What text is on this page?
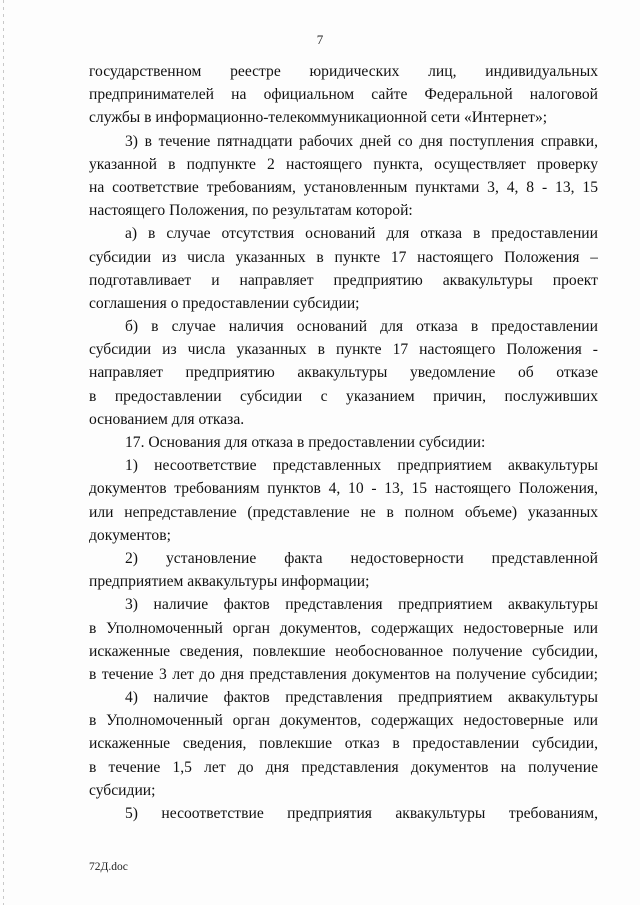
7
государственном реестре юридических лиц, индивидуальных
предпринимателей на официальном сайте Федеральной налоговой
службы в информационно-телекоммуникационной сети «Интернет»;
3) в течение пятнадцати рабочих дней со дня поступления справки,
указанной в подпункте 2 настоящего пункта, осуществляет проверку
на соответствие требованиям, установленным пунктами 3, 4, 8 - 13, 15
настоящего Положения, по результатам которой:
а) в случае отсутствия оснований для отказа в предоставлении
субсидии из числа указанных в пункте 17 настоящего Положения –
подготавливает и направляет предприятию аквакультуры проект
соглашения о предоставлении субсидии;
б) в случае наличия оснований для отказа в предоставлении
субсидии из числа указанных в пункте 17 настоящего Положения -
направляет предприятию аквакультуры уведомление об отказе
в предоставлении субсидии с указанием причин, послуживших
основанием для отказа.
17. Основания для отказа в предоставлении субсидии:
1) несоответствие представленных предприятием аквакультуры
документов требованиям пунктов 4, 10 - 13, 15 настоящего Положения,
или непредставление (представление не в полном объеме) указанных
документов;
2) установление факта недостоверности представленной
предприятием аквакультуры информации;
3) наличие фактов представления предприятием аквакультуры
в Уполномоченный орган документов, содержащих недостоверные или
искаженные сведения, повлекшие необоснованное получение субсидии,
в течение 3 лет до дня представления документов на получение субсидии;
4) наличие фактов представления предприятием аквакультуры
в Уполномоченный орган документов, содержащих недостоверные или
искаженные сведения, повлекшие отказ в предоставлении субсидии,
в течение 1,5 лет до дня представления документов на получение
субсидии;
5) несоответствие предприятия аквакультуры требованиям,
72Д.doc
